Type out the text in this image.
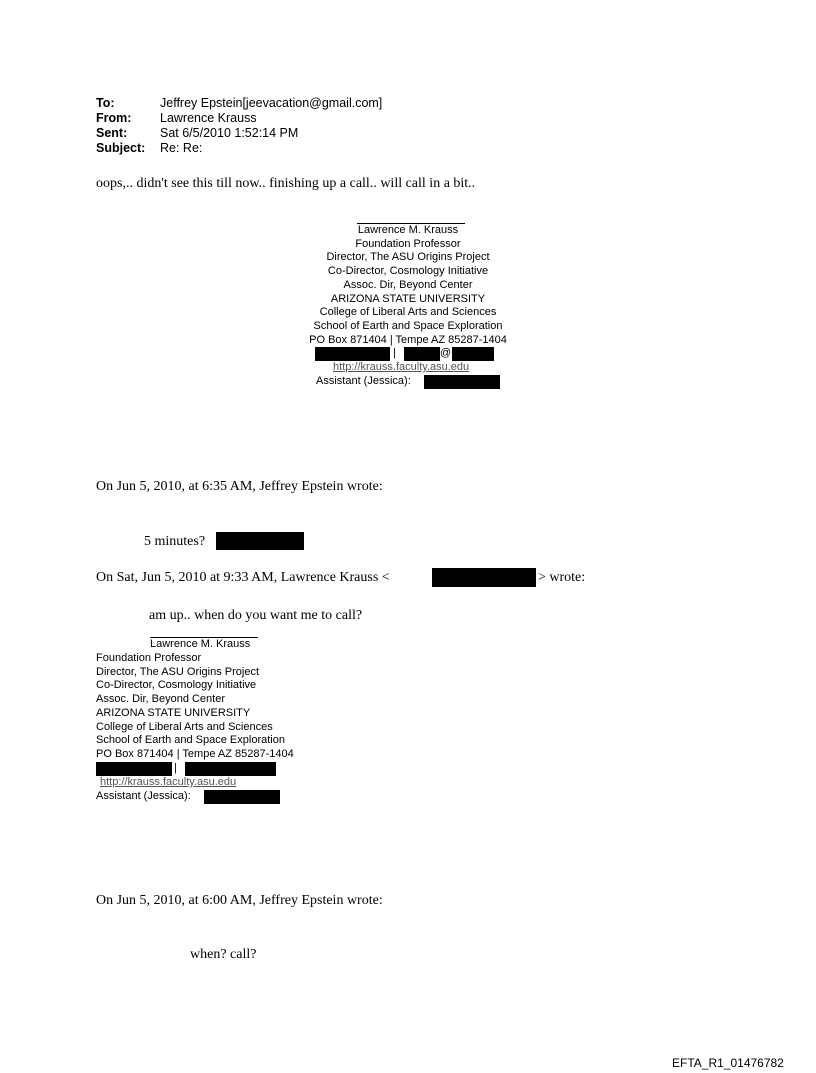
To:	Jeffrey Epstein[jeevacation@gmail.com]
From: Lawrence Krauss
Sent:	Sat 6/5/2010 1:52:14 PM
Subject: Re: Re:
oops,.. didn't see this till now.. finishing up a call.. will call in a bit..
Lawrence M. Krauss
Foundation Professor
Director, The ASU Origins Project
Co-Director, Cosmology Initiative
Assoc. Dir, Beyond Center
ARIZONA STATE UNIVERSITY
College of Liberal Arts and Sciences
School of Earth and Space Exploration
PO Box 871404 | Tempe AZ 85287-1404
|	@
http://krauss.faculty.asu.edu
Assistant (Jessica):
On Jun 5, 2010, at 6:35 AM, Jeffrey Epstein wrote:
5 minutes?
On Sat, Jun 5, 2010 at 9:33 AM, Lawrence Krauss <	> wrote:
am up.. when do you want me to call?
Lawrence M. Krauss
Foundation Professor
Director, The ASU Origins Project
Co-Director, Cosmology Initiative
Assoc. Dir, Beyond Center
ARIZONA STATE UNIVERSITY
College of Liberal Arts and Sciences
School of Earth and Space Exploration
PO Box 871404 | Tempe AZ 85287-1404
|
http://krauss.faculty.asu.edu
Assistant (Jessica):
On Jun 5, 2010, at 6:00 AM, Jeffrey Epstein wrote:
when? call?
EFTA_R1_01476782
